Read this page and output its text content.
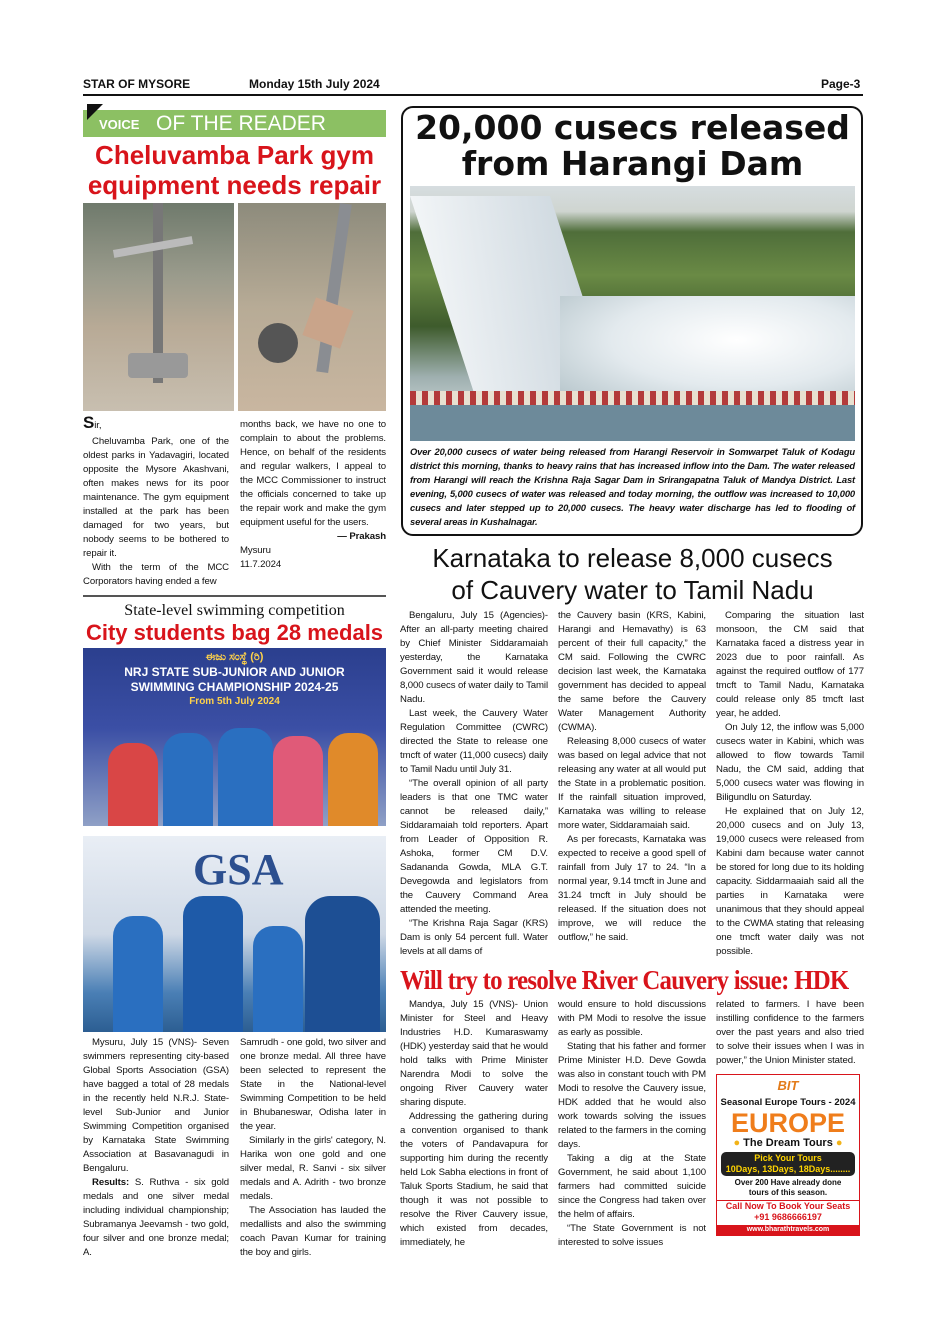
STAR OF MYSORE	Monday 15th July 2024	Page-3
VOICE OF THE READER
Cheluvamba Park gym
equipment needs repair
Sir,

Cheluvamba Park, one of the oldest parks in Yadavagiri, located opposite the Mysore Akashvani, often makes news for its poor maintenance. The gym equipment installed at the park has been damaged for two years, but nobody seems to be bothered to repair it.

With the term of the MCC Corporators having ended a few

months back, we have no one to complain to about the problems. Hence, on behalf of the residents and regular walkers, I appeal to the MCC Commissioner to instruct the officials concerned to take up the repair work and make the gym equipment useful for the users.
— Prakash
Mysuru
11.7.2024
State-level swimming competition
City students bag 28 medals
ಈಜು ಸಂಸ್ಥೆ (ರಿ)
NRJ STATE SUB-JUNIOR AND JUNIOR
SWIMMING CHAMPIONSHIP 2024-25
From 5th July 2024
GSA

Mysuru, July 15 (VNS)- Seven swimmers representing city-based Global Sports Association (GSA) have bagged a total of 28 medals in the recently held N.R.J. State-level Sub-Junior and Junior Swimming Competition organised by Karnataka State Swimming Association at Basavanagudi in Bengaluru.

Results: S. Ruthva - six gold medals and one silver medal including individual championship; Subramanya Jeevamsh - two gold, four silver and one bronze medal; A.

Samrudh - one gold, two silver and one bronze medal. All three have been selected to represent the State in the National-level Swimming Competition to be held in Bhubaneswar, Odisha later in the year.

Similarly in the girls' category, N. Harika won one gold and one silver medal, R. Sanvi - six silver medals and A. Adrith - two bronze medals.

The Association has lauded the medallists and also the swimming coach Pavan Kumar for training the boy and girls.

20,000 cusecs released
from Harangi Dam
Over 20,000 cusecs of water being released from Harangi Reservoir in Somwarpet Taluk of Kodagu district this morning, thanks to heavy rains that has increased inflow into the Dam. The water released from Harangi will reach the Krishna Raja Sagar Dam in Srirangapatna Taluk of Mandya District. Last evening, 5,000 cusecs of water was released and today morning, the outflow was increased to 10,000 cusecs and later stepped up to 20,000 cusecs. The heavy water discharge has led to flooding of several areas in Kushalnagar.
Karnataka to release 8,000 cusecs
of Cauvery water to Tamil Nadu

Bengaluru, July 15 (Agencies)- After an all-party meeting chaired by Chief Minister Siddaramaiah yesterday, the Karnataka Government said it would release 8,000 cusecs of water daily to Tamil Nadu.

Last week, the Cauvery Water Regulation Committee (CWRC) directed the State to release one tmcft of water (11,000 cusecs) daily to Tamil Nadu until July 31.

“The overall opinion of all party leaders is that one TMC water cannot be released daily,” Siddaramaiah told reporters. Apart from Leader of Opposition R. Ashoka, former CM D.V. Sadananda Gowda, MLA G.T. Devegowda and legislators from the Cauvery Command Area attended the meeting.

“The Krishna Raja Sagar (KRS) Dam is only 54 percent full. Water levels at all dams of

the Cauvery basin (KRS, Kabini, Harangi and Hemavathy) is 63 percent of their full capacity,” the CM said. Following the CWRC decision last week, the Karnataka government has decided to appeal the same before the Cauvery Water Management Authority (CWMA).

Releasing 8,000 cusecs of water was based on legal advice that not releasing any water at all would put the State in a problematic position. If the rainfall situation improved, Karnataka was willing to release more water, Siddaramaiah said.

As per forecasts, Karnataka was expected to receive a good spell of rainfall from July 17 to 24. “In a normal year, 9.14 tmcft in June and 31.24 tmcft in July should be released. If the situation does not improve, we will reduce the outflow,” he said.

Comparing the situation last monsoon, the CM said that Karnataka faced a distress year in 2023 due to poor rainfall. As against the required outflow of 177 tmcft to Tamil Nadu, Karnataka could release only 85 tmcft last year, he added.

On July 12, the inflow was 5,000 cusecs water in Kabini, which was allowed to flow towards Tamil Nadu, the CM said, adding that 5,000 cusecs water was flowing in Biligundlu on Saturday.

He explained that on July 12, 20,000 cusecs and on July 13, 19,000 cusecs were released from Kabini dam because water cannot be stored for long due to its holding capacity. Siddarmaaiah said all the parties in Karnataka were unanimous that they should appeal to the CWMA stating that releasing one tmcft water daily was not possible.

Will try to resolve River Cauvery issue: HDK

Mandya, July 15 (VNS)- Union Minister for Steel and Heavy Industries H.D. Kumaraswamy (HDK) yesterday said that he would hold talks with Prime Minister Narendra Modi to solve the ongoing River Cauvery water sharing dispute.

Addressing the gathering during a convention organised to thank the voters of Pandavapura for supporting him during the recently held Lok Sabha elections in front of Taluk Sports Stadium, he said that though it was not possible to resolve the River Cauvery issue, which existed from decades, immediately, he

would ensure to hold discussions with PM Modi to resolve the issue as early as possible.

Stating that his father and former Prime Minister H.D. Deve Gowda was also in constant touch with PM Modi to resolve the Cauvery issue, HDK added that he would also work towards solving the issues related to the farmers in the coming days.

Taking a dig at the State Government, he said about 1,100 farmers had committed suicide since the Congress had taken over the helm of affairs.

“The State Government is not interested to solve issues

related to farmers. I have been instilling confidence to the farmers over the past years and also tried to solve their issues when I was in power,” the Union Minister stated.
BIT
Seasonal Europe Tours - 2024
EUROPE
● The Dream Tours ●
Pick Your Tours
10Days, 13Days, 18Days........
Over 200 Have already done
tours of this season.
Call Now To Book Your Seats
+91 9686666197
www.bharathtravels.com
